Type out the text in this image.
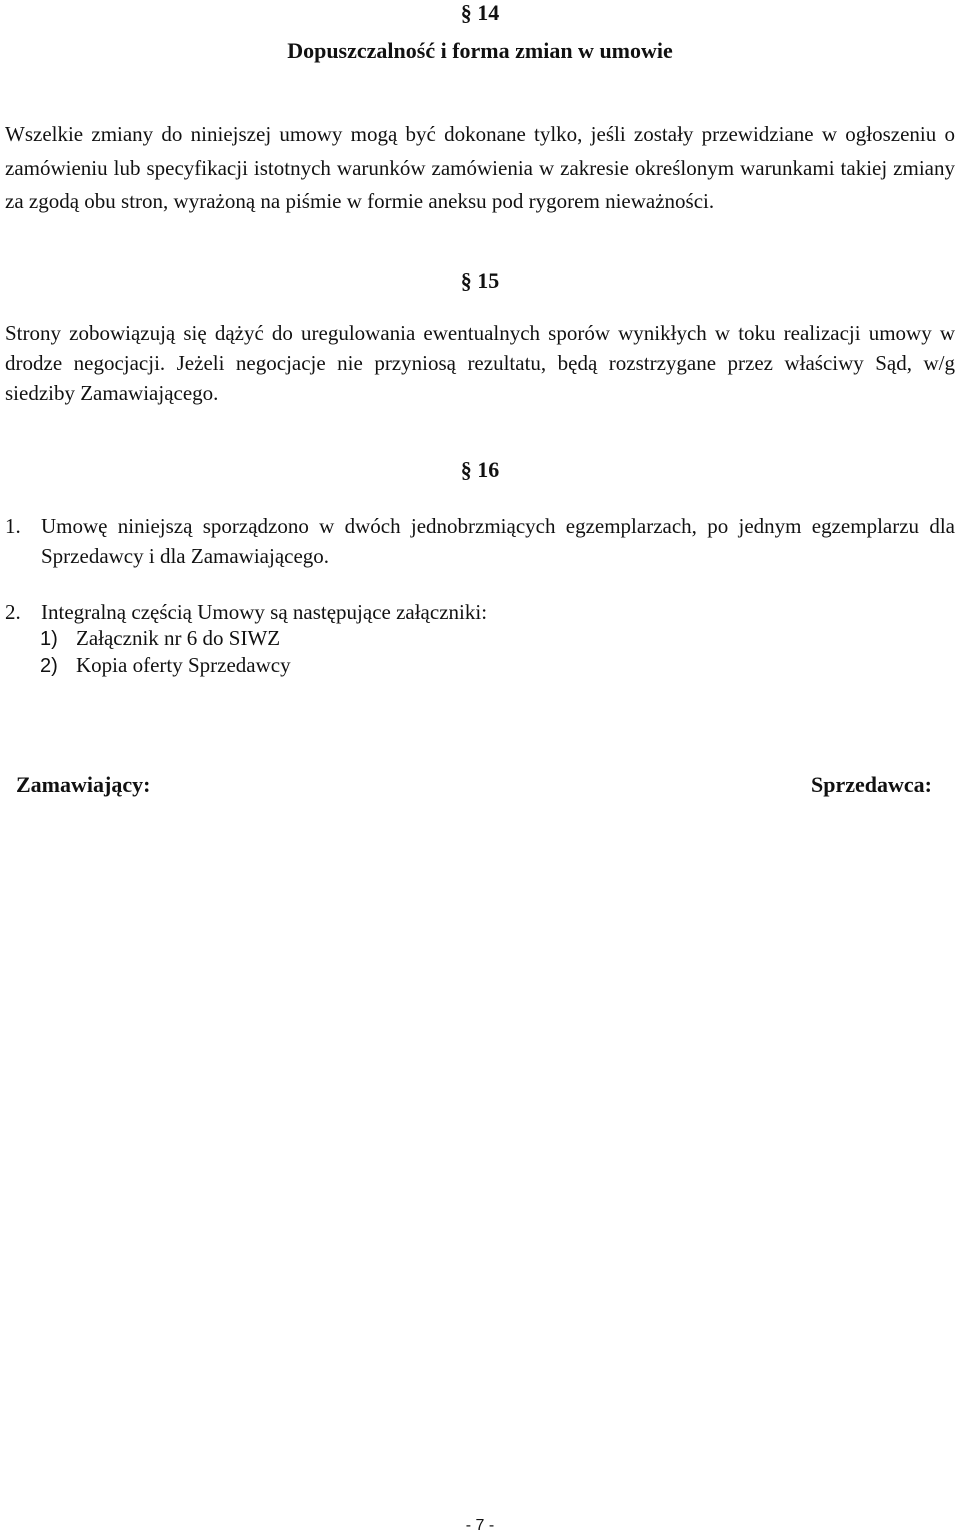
§ 14
Dopuszczalność i forma zmian w umowie
Wszelkie zmiany do niniejszej umowy mogą być dokonane tylko, jeśli zostały przewidziane w ogłoszeniu o zamówieniu lub specyfikacji istotnych warunków zamówienia w zakresie określonym warunkami takiej zmiany za zgodą obu stron, wyrażoną na piśmie w formie aneksu pod rygorem nieważności.
§ 15
Strony zobowiązują się dążyć do uregulowania ewentualnych sporów wynikłych w toku realizacji umowy w drodze negocjacji. Jeżeli negocjacje nie przyniosą rezultatu, będą rozstrzygane przez właściwy Sąd, w/g siedziby Zamawiającego.
§ 16
1. Umowę niniejszą sporządzono w dwóch jednobrzmiących egzemplarzach, po jednym egzemplarzu dla Sprzedawcy i dla Zamawiającego.
2. Integralną częścią Umowy są następujące załączniki:
1) Załącznik nr 6 do SIWZ
2) Kopia oferty Sprzedawcy
Zamawiający:	Sprzedawca:
- 7 -
